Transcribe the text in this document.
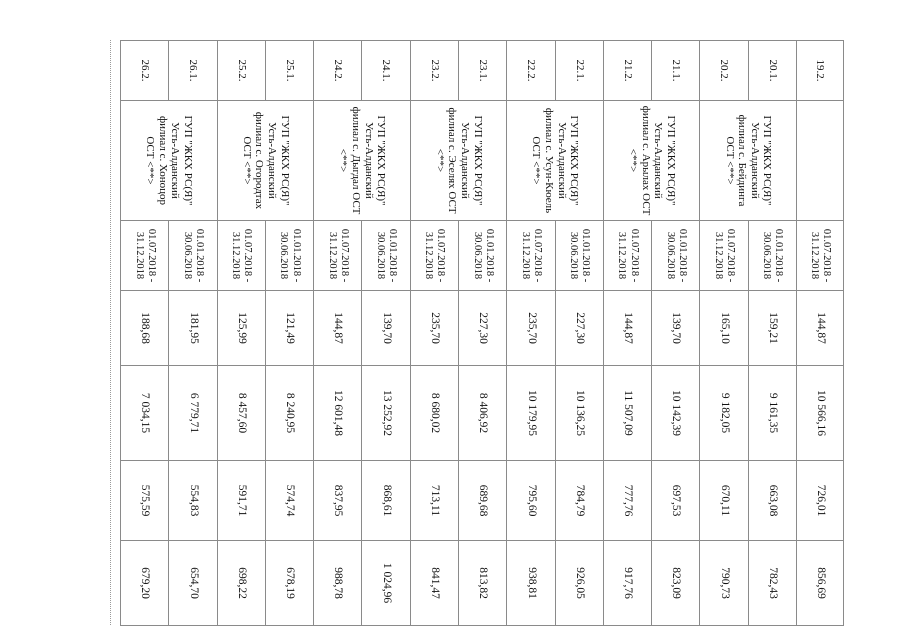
19.2.		01.07.2018 - 31.12.2018	144,87	10 566,16	726,01	856,69
20.1.	ГУП "ЖКХ РС(Я)" Усть-Алданский филиал с. Бейдинга ОСТ <**>	01.01.2018 - 30.06.2018	159,21	9 161,35	663,08	782,43
20.2.		01.07.2018 - 31.12.2018	165,10	9 182,05	670,11	790,73
21.1.	ГУП "ЖКХ РС(Я)" Усть-Алданский филиал с. Арылах ОСТ <**>	01.01.2018 - 30.06.2018	139,70	10 142,39	697,53	823,09
21.2.		01.07.2018 - 31.12.2018	144,87	11 507,09	777,76	917,76
22.1.	ГУП "ЖКХ РС(Я)" Усть-Алданский филиал с. Усун-Кюель ОСТ <**>	01.01.2018 - 30.06.2018	227,30	10 136,25	784,79	926,05
22.2.		01.07.2018 - 31.12.2018	235,70	10 179,95	795,60	938,81
23.1.	ГУП "ЖКХ РС(Я)" Усть-Алданский филиал с. Эселях ОСТ <**>	01.01.2018 - 30.06.2018	227,30	8 406,92	689,68	813,82
23.2.		01.07.2018 - 31.12.2018	235,70	8 680,02	713,11	841,47
24.1.	ГУП "ЖКХ РС(Я)" Усть-Алданский филиал с. Дыгдал ОСТ <**>	01.01.2018 - 30.06.2018	139,70	13 252,92	868,61	1 024,96
24.2.		01.07.2018 - 31.12.2018	144,87	12 601,48	837,95	988,78
25.1.	ГУП "ЖКХ РС(Я)" Усть-Алданский филиал с. Огородтах ОСТ <**>	01.01.2018 - 30.06.2018	121,49	8 240,95	574,74	678,19
25.2.		01.07.2018 - 31.12.2018	125,99	8 457,60	591,71	698,22
26.1.	ГУП "ЖКХ РС(Я)" Усть-Алданский филиал с. Хоноцор ОСТ <**>	01.01.2018 - 30.06.2018	181,95	6 779,71	554,83	654,70
26.2.		01.07.2018 - 31.12.2018	188,68	7 034,15	575,59	679,20
